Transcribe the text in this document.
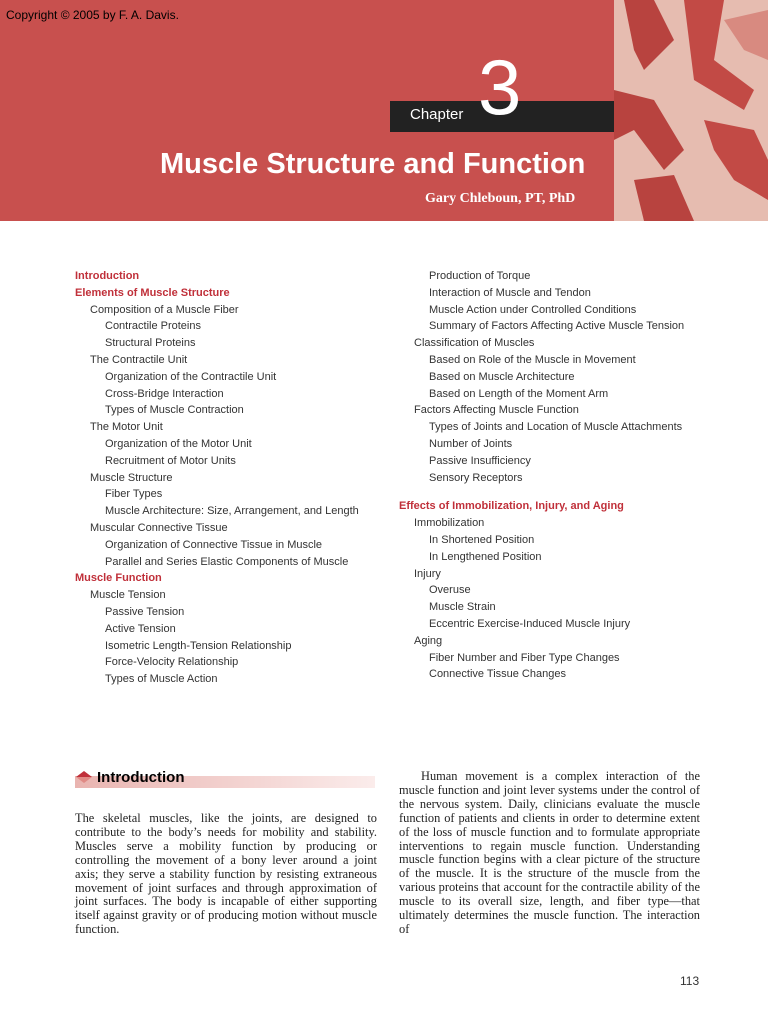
Copyright © 2005 by F. A. Davis.
Chapter 3
Muscle Structure and Function
Gary Chleboun, PT, PhD
Introduction
Elements of Muscle Structure
Composition of a Muscle Fiber
Contractile Proteins
Structural Proteins
The Contractile Unit
Organization of the Contractile Unit
Cross-Bridge Interaction
Types of Muscle Contraction
The Motor Unit
Organization of the Motor Unit
Recruitment of Motor Units
Muscle Structure
Fiber Types
Muscle Architecture: Size, Arrangement, and Length
Muscular Connective Tissue
Organization of Connective Tissue in Muscle
Parallel and Series Elastic Components of Muscle
Muscle Function
Muscle Tension
Passive Tension
Active Tension
Isometric Length-Tension Relationship
Force-Velocity Relationship
Types of Muscle Action
Production of Torque
Interaction of Muscle and Tendon
Muscle Action under Controlled Conditions
Summary of Factors Affecting Active Muscle Tension
Classification of Muscles
Based on Role of the Muscle in Movement
Based on Muscle Architecture
Based on Length of the Moment Arm
Factors Affecting Muscle Function
Types of Joints and Location of Muscle Attachments
Number of Joints
Passive Insufficiency
Sensory Receptors
Effects of Immobilization, Injury, and Aging
Immobilization
In Shortened Position
In Lengthened Position
Injury
Overuse
Muscle Strain
Eccentric Exercise-Induced Muscle Injury
Aging
Fiber Number and Fiber Type Changes
Connective Tissue Changes
Introduction
The skeletal muscles, like the joints, are designed to contribute to the body’s needs for mobility and stability. Muscles serve a mobility function by producing or controlling the movement of a bony lever around a joint axis; they serve a stability function by resisting extraneous movement of joint surfaces and through approximation of joint surfaces. The body is incapable of either supporting itself against gravity or of producing motion without muscle function.
Human movement is a complex interaction of the muscle function and joint lever systems under the control of the nervous system. Daily, clinicians evaluate the muscle function of patients and clients in order to determine extent of the loss of muscle function and to formulate appropriate interventions to regain muscle function. Understanding muscle function begins with a clear picture of the structure of the muscle. It is the structure of the muscle from the various proteins that account for the contractile ability of the muscle to its overall size, length, and fiber type—that ultimately determines the muscle function. The interaction of
113
